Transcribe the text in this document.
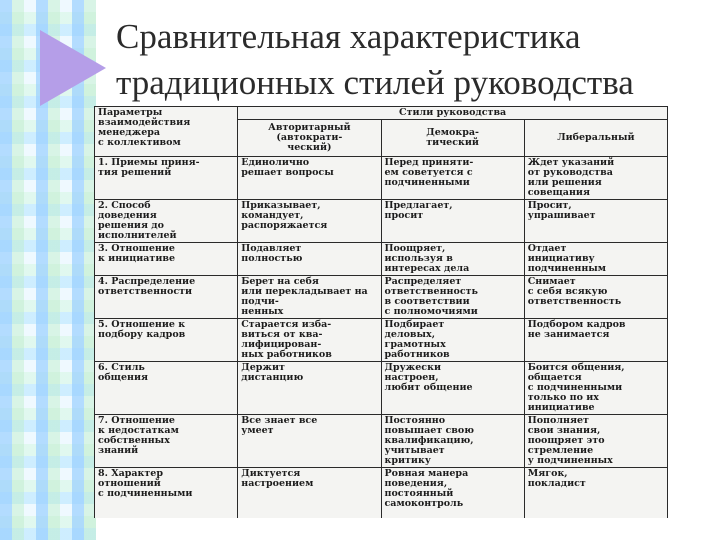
Сравнительная характеристика
традиционных стилей руководства
Параметры
взаимодействия
менеджера
с коллективом	Стили руководства		
	Авторитарный
(автократи-
ческий)	Демокра-
тический	Либеральный
1. Приемы приня-
тия решений	Единолично
решает вопросы	Перед приняти-
ем советуется с
подчиненными	Ждет указаний
от руководства
или решения
совещания
2. Способ
доведения
решения до
исполнителей	Приказывает,
командует,
распоряжается	Предлагает,
просит	Просит,
упрашивает
3. Отношение
к инициативе	Подавляет
полностью	Поощряет,
используя в
интересах дела	Отдает
инициативу
подчиненным
4. Распределение
ответственности	Берет на себя
или перекладывает на подчи-
ненных	Распределяет
ответственность
в соответствии
с полномочиями	Снимает
с себя всякую
ответственность
5. Отношение к
подбору кадров	Старается изба-
виться от ква-
лифицирован-
ных работников	Подбирает
деловых,
грамотных
работников	Подбором кадров
не занимается
6. Стиль
общения	Держит
дистанцию	Дружески
настроен,
любит общение	Боится общения,
общается
с подчиненными
только по их
инициативе
7. Отношение
к недостаткам
собственных
знаний	Все знает все
умеет	Постоянно
повышает свою
квалификацию,
учитывает
критику	Пополняет
свои знания,
поощряет это
стремление
у подчиненных
8. Характер
отношений
с подчиненными	Диктуется
настроением	Ровная манера
поведения,
постоянный
самоконтроль	Мягок,
покладист
